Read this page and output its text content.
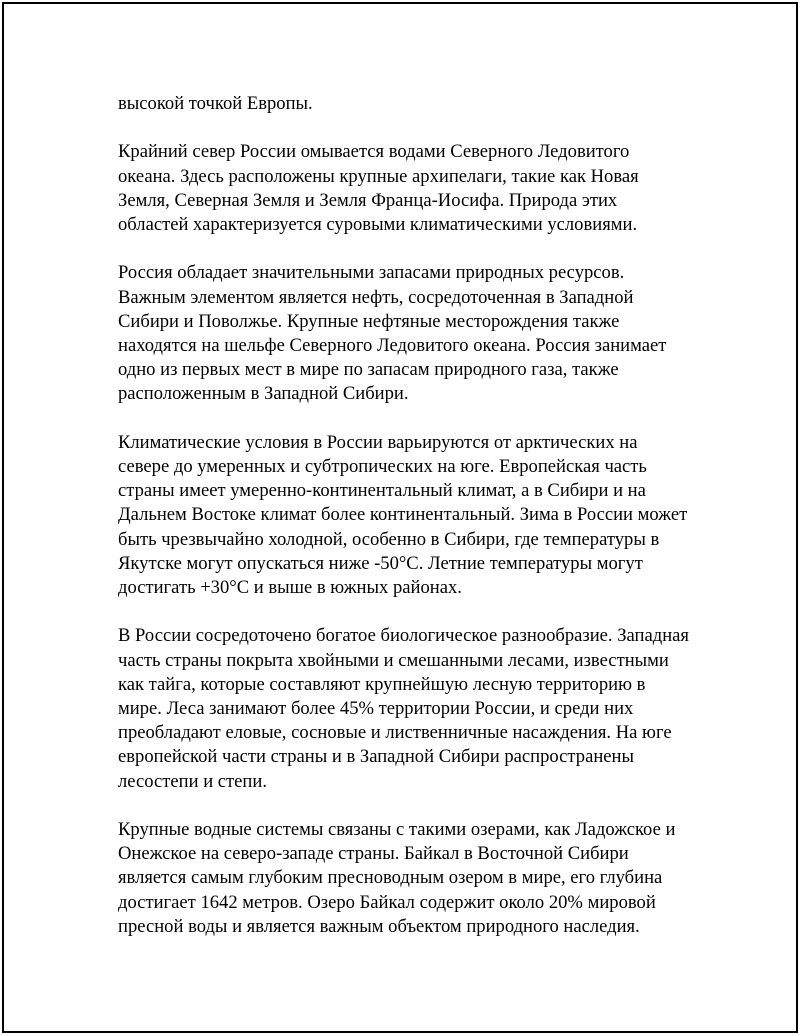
высокой точкой Европы.

Крайний север России омывается водами Северного Ледовитого
океана. Здесь расположены крупные архипелаги, такие как Новая
Земля, Северная Земля и Земля Франца-Иосифа. Природа этих
областей характеризуется суровыми климатическими условиями.

Россия обладает значительными запасами природных ресурсов.
Важным элементом является нефть, сосредоточенная в Западной
Сибири и Поволжье. Крупные нефтяные месторождения также
находятся на шельфе Северного Ледовитого океана. Россия занимает
одно из первых мест в мире по запасам природного газа, также
расположенным в Западной Сибири.

Климатические условия в России варьируются от арктических на
севере до умеренных и субтропических на юге. Европейская часть
страны имеет умеренно-континентальный климат, а в Сибири и на
Дальнем Востоке климат более континентальный. Зима в России может
быть чрезвычайно холодной, особенно в Сибири, где температуры в
Якутске могут опускаться ниже -50°C. Летние температуры могут
достигать +30°C и выше в южных районах.

В России сосредоточено богатое биологическое разнообразие. Западная
часть страны покрыта хвойными и смешанными лесами, известными
как тайга, которые составляют крупнейшую лесную территорию в
мире. Леса занимают более 45% территории России, и среди них
преобладают еловые, сосновые и лиственничные насаждения. На юге
европейской части страны и в Западной Сибири распространены
лесостепи и степи.

Крупные водные системы связаны с такими озерами, как Ладожское и
Онежское на северо-западе страны. Байкал в Восточной Сибири
является самым глубоким пресноводным озером в мире, его глубина
достигает 1642 метров. Озеро Байкал содержит около 20% мировой
пресной воды и является важным объектом природного наследия.
